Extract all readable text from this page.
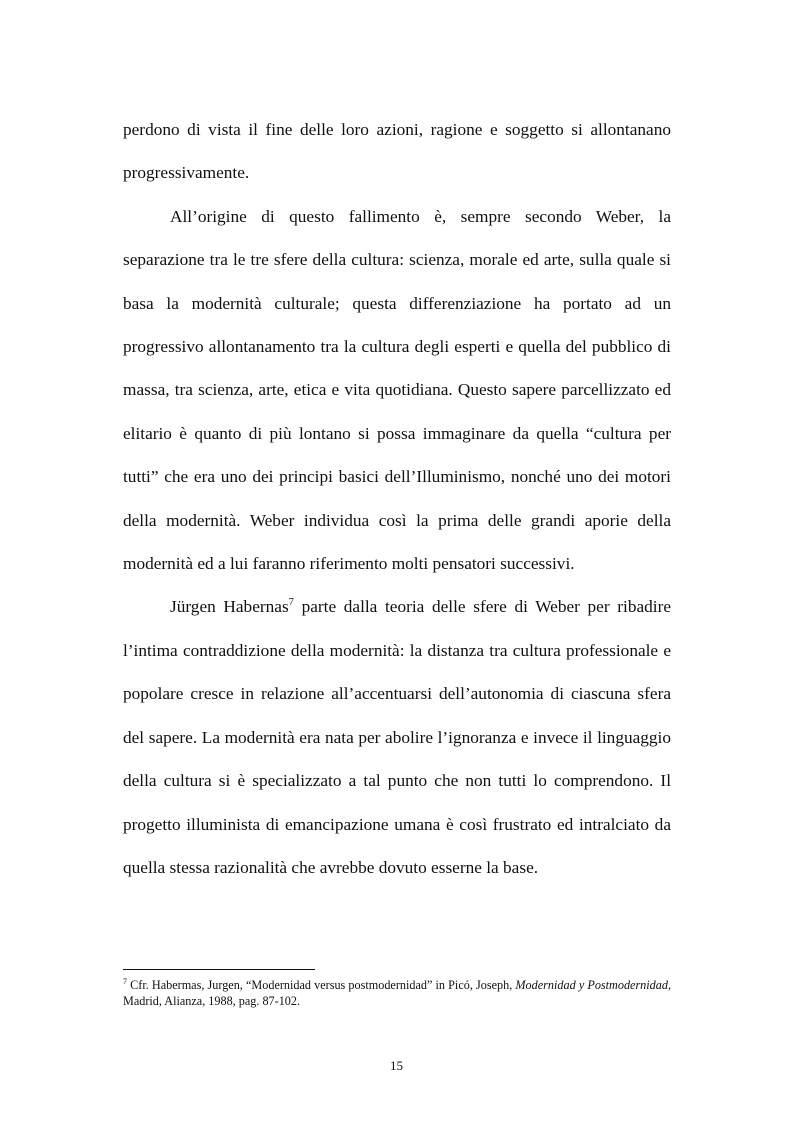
perdono di vista il fine delle loro azioni, ragione e soggetto si allontanano progressivamente.

All’origine di questo fallimento è, sempre secondo Weber, la separazione tra le tre sfere della cultura: scienza, morale ed arte, sulla quale si basa la modernità culturale; questa differenziazione ha portato ad un progressivo allontanamento tra la cultura degli esperti e quella del pubblico di massa, tra scienza, arte, etica e vita quotidiana. Questo sapere parcellizzato ed elitario è quanto di più lontano si possa immaginare da quella “cultura per tutti” che era uno dei principi basici dell’Illuminismo, nonché uno dei motori della modernità. Weber individua così la prima delle grandi aporie della modernità ed a lui faranno riferimento molti pensatori successivi.

Jürgen Habernas$^7$ parte dalla teoria delle sfere di Weber per ribadire l’intima contraddizione della modernità: la distanza tra cultura professionale e popolare cresce in relazione all’accentuarsi dell’autonomia di ciascuna sfera del sapere. La modernità era nata per abolire l’ignoranza e invece il linguaggio della cultura si è specializzato a tal punto che non tutti lo comprendono. Il progetto illuminista di emancipazione umana è così frustrato ed intralciato da quella stessa razionalità che avrebbe dovuto esserne la base.

$^7$ Cfr. Habermas, Jurgen, “Modernidad versus postmodernidad” in Picó, Joseph, Modernidad y Postmodernidad, Madrid, Alianza, 1988, pag. 87-102.

15
